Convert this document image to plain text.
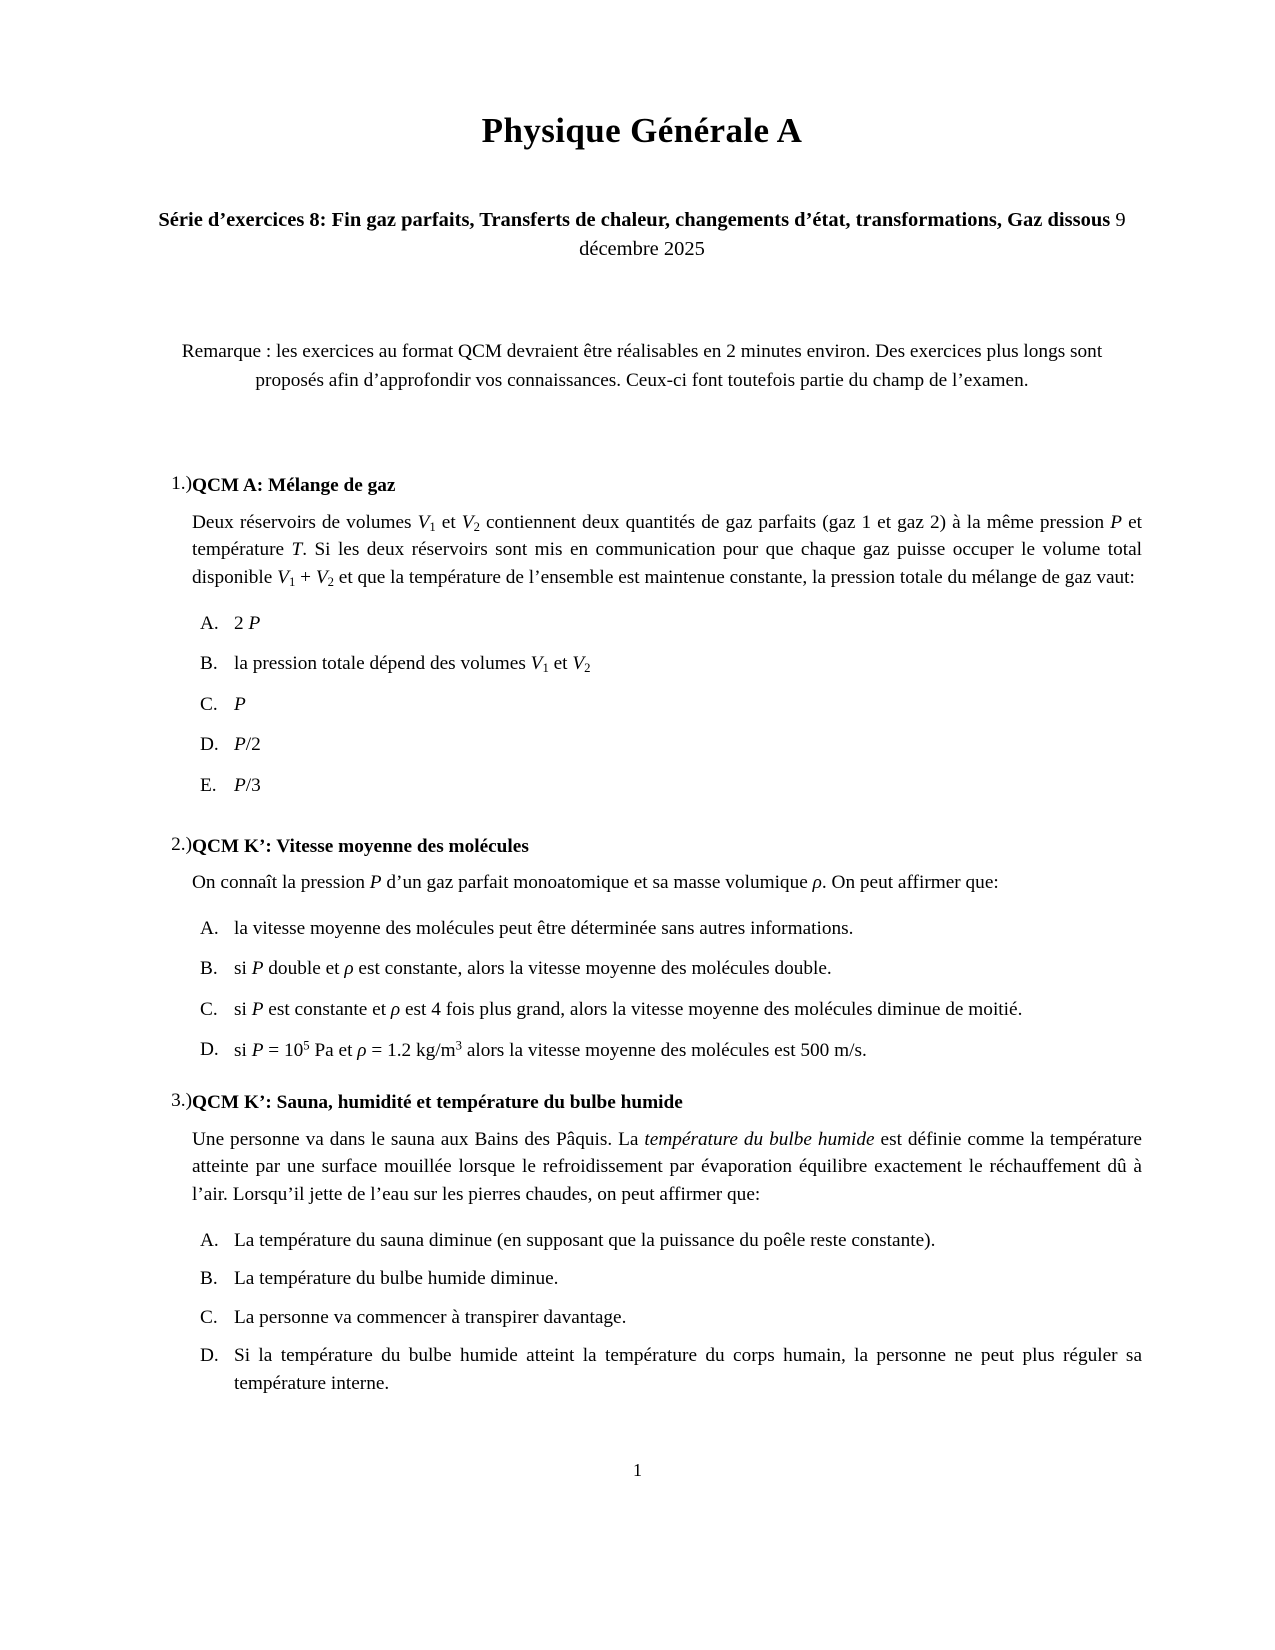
Physique Générale A
Série d’exercices 8: Fin gaz parfaits, Transferts de chaleur, changements d’état, transformations, Gaz dissous 9 décembre 2025

Remarque : les exercices au format QCM devraient être réalisables en 2 minutes environ. Des exercices plus longs sont proposés afin d’approfondir vos connaissances. Ceux-ci font toutefois partie du champ de l’examen.

1.) QCM A: Mélange de gaz

Deux réservoirs de volumes $V_1$ et $V_2$ contiennent deux quantités de gaz parfaits (gaz 1 et gaz 2) à la même pression P et température T. Si les deux réservoirs sont mis en communication pour que chaque gaz puisse occuper le volume total disponible $V_1 + V_2$ et que la température de l’ensemble est maintenue constante, la pression totale du mélange de gaz vaut:

A. 2 P
B. la pression totale dépend des volumes $V_1$ et $V_2$
C. P
D. P/2
E. P/3
2.) QCM K’: Vitesse moyenne des molécules

On connaît la pression P d’un gaz parfait monoatomique et sa masse volumique ρ. On peut affirmer que:

A. la vitesse moyenne des molécules peut être déterminée sans autres informations.
B. si P double et ρ est constante, alors la vitesse moyenne des molécules double.
C. si P est constante et ρ est 4 fois plus grand, alors la vitesse moyenne des molécules diminue de moitié.
D. si $P = 10^5$ Pa et ρ = 1.2 $kg/m^3$ alors la vitesse moyenne des molécules est 500 m/s.
3.) QCM K’: Sauna, humidité et température du bulbe humide

Une personne va dans le sauna aux Bains des Pâquis. La température du bulbe humide est définie comme la température atteinte par une surface mouillée lorsque le refroidissement par évaporation équilibre exactement le réchauffement dû à l’air. Lorsqu’il jette de l’eau sur les pierres chaudes, on peut affirmer que:

A. La température du sauna diminue (en supposant que la puissance du poêle reste constante).
B. La température du bulbe humide diminue.
C. La personne va commencer à transpirer davantage.
D. Si la température du bulbe humide atteint la température du corps humain, la personne ne peut plus réguler sa température interne.
1
